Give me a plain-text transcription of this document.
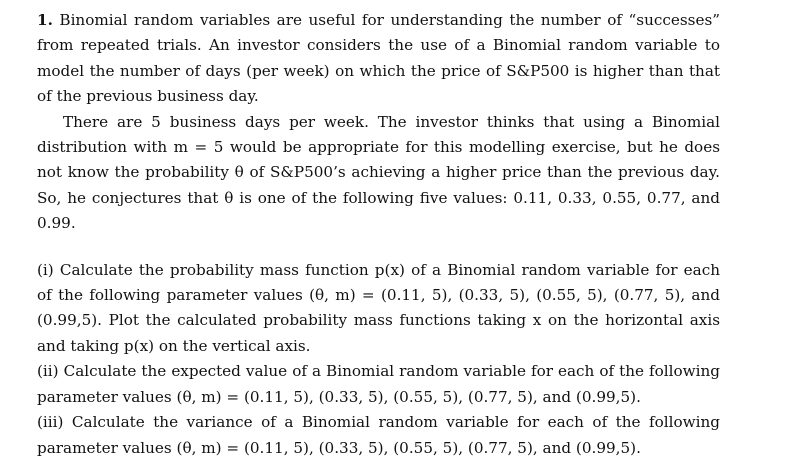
1. Binomial random variables are useful for understanding the number of “successes” from repeated trials. An investor considers the use of a Binomial random variable to model the number of days (per week) on which the price of S&P500 is higher than that of the previous business day.

There are 5 business days per week. The investor thinks that using a Binomial distribution with m = 5 would be appropriate for this modelling exercise, but he does not know the probability θ of S&P500’s achieving a higher price than the previous day. So, he conjectures that θ is one of the following five values: 0.11, 0.33, 0.55, 0.77, and 0.99.

(i) Calculate the probability mass function p(x) of a Binomial random variable for each of the following parameter values (θ, m) = (0.11, 5), (0.33, 5), (0.55, 5), (0.77, 5), and (0.99,5). Plot the calculated probability mass functions taking x on the horizontal axis and taking p(x) on the vertical axis.

(ii) Calculate the expected value of a Binomial random variable for each of the following parameter values (θ, m) = (0.11, 5), (0.33, 5), (0.55, 5), (0.77, 5), and (0.99,5).

(iii) Calculate the variance of a Binomial random variable for each of the following parameter values (θ, m) = (0.11, 5), (0.33, 5), (0.55, 5), (0.77, 5), and (0.99,5).
